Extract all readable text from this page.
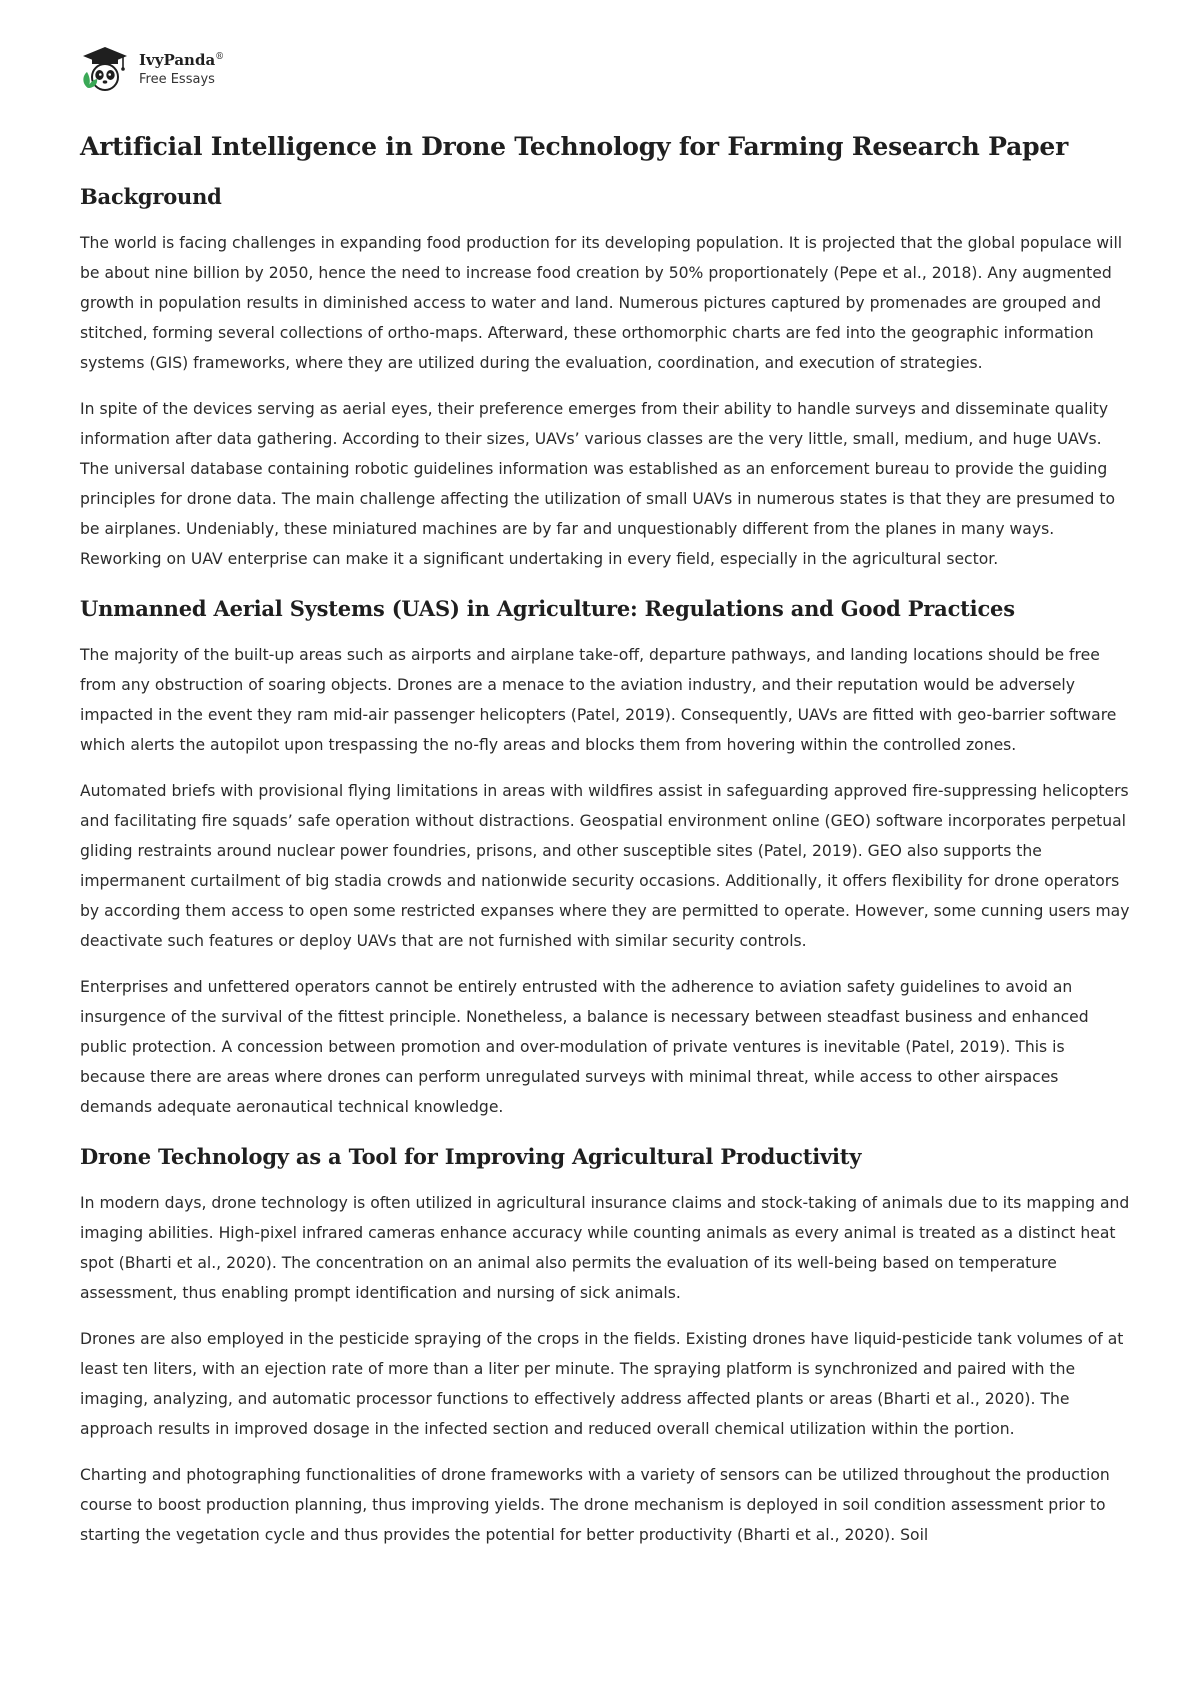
IvyPanda®
Free Essays
Artificial Intelligence in Drone Technology for Farming Research Paper
Background

The world is facing challenges in expanding food production for its developing population. It is projected that the global populace will be about nine billion by 2050, hence the need to increase food creation by 50% proportionately (Pepe et al., 2018). Any augmented growth in population results in diminished access to water and land. Numerous pictures captured by promenades are grouped and stitched, forming several collections of ortho-maps. Afterward, these orthomorphic charts are fed into the geographic information systems (GIS) frameworks, where they are utilized during the evaluation, coordination, and execution of strategies.

In spite of the devices serving as aerial eyes, their preference emerges from their ability to handle surveys and disseminate quality information after data gathering. According to their sizes, UAVs’ various classes are the very little, small, medium, and huge UAVs. The universal database containing robotic guidelines information was established as an enforcement bureau to provide the guiding principles for drone data. The main challenge affecting the utilization of small UAVs in numerous states is that they are presumed to be airplanes. Undeniably, these miniatured machines are by far and unquestionably different from the planes in many ways. Reworking on UAV enterprise can make it a significant undertaking in every field, especially in the agricultural sector.

Unmanned Aerial Systems (UAS) in Agriculture: Regulations and Good Practices

The majority of the built-up areas such as airports and airplane take-off, departure pathways, and landing locations should be free from any obstruction of soaring objects. Drones are a menace to the aviation industry, and their reputation would be adversely impacted in the event they ram mid-air passenger helicopters (Patel, 2019). Consequently, UAVs are fitted with geo-barrier software which alerts the autopilot upon trespassing the no-fly areas and blocks them from hovering within the controlled zones.

Automated briefs with provisional flying limitations in areas with wildfires assist in safeguarding approved fire-suppressing helicopters and facilitating fire squads’ safe operation without distractions. Geospatial environment online (GEO) software incorporates perpetual gliding restraints around nuclear power foundries, prisons, and other susceptible sites (Patel, 2019). GEO also supports the impermanent curtailment of big stadia crowds and nationwide security occasions. Additionally, it offers flexibility for drone operators by according them access to open some restricted expanses where they are permitted to operate. However, some cunning users may deactivate such features or deploy UAVs that are not furnished with similar security controls.

Enterprises and unfettered operators cannot be entirely entrusted with the adherence to aviation safety guidelines to avoid an insurgence of the survival of the fittest principle. Nonetheless, a balance is necessary between steadfast business and enhanced public protection. A concession between promotion and over-modulation of private ventures is inevitable (Patel, 2019). This is because there are areas where drones can perform unregulated surveys with minimal threat, while access to other airspaces demands adequate aeronautical technical knowledge.

Drone Technology as a Tool for Improving Agricultural Productivity

In modern days, drone technology is often utilized in agricultural insurance claims and stock-taking of animals due to its mapping and imaging abilities. High-pixel infrared cameras enhance accuracy while counting animals as every animal is treated as a distinct heat spot (Bharti et al., 2020). The concentration on an animal also permits the evaluation of its well-being based on temperature assessment, thus enabling prompt identification and nursing of sick animals.

Drones are also employed in the pesticide spraying of the crops in the fields. Existing drones have liquid-pesticide tank volumes of at least ten liters, with an ejection rate of more than a liter per minute. The spraying platform is synchronized and paired with the imaging, analyzing, and automatic processor functions to effectively address affected plants or areas (Bharti et al., 2020). The approach results in improved dosage in the infected section and reduced overall chemical utilization within the portion.

Charting and photographing functionalities of drone frameworks with a variety of sensors can be utilized throughout the production course to boost production planning, thus improving yields. The drone mechanism is deployed in soil condition assessment prior to starting the vegetation cycle and thus provides the potential for better productivity (Bharti et al., 2020). Soil
